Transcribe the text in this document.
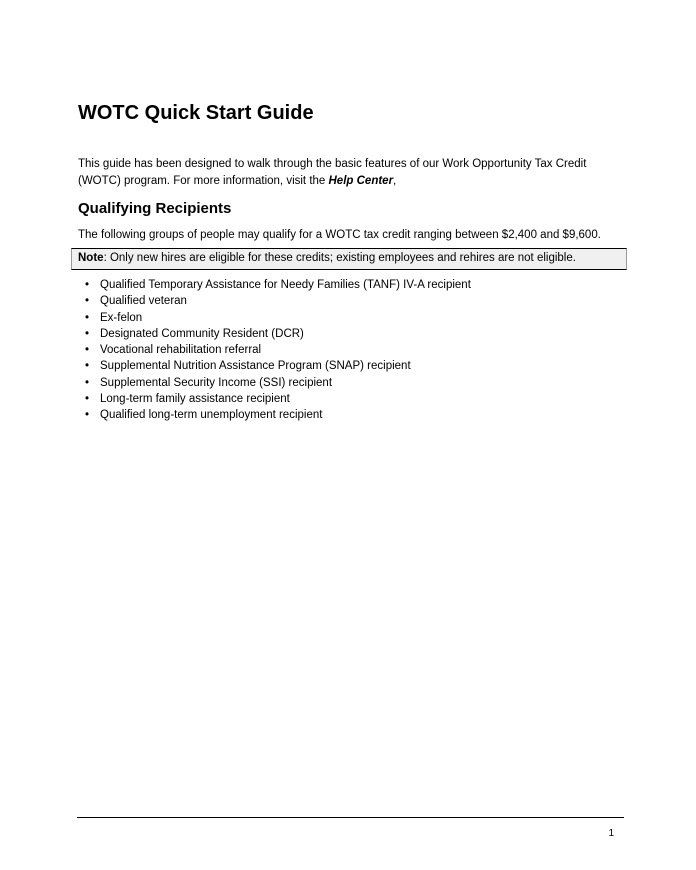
WOTC Quick Start Guide

This guide has been designed to walk through the basic features of our Work Opportunity Tax Credit (WOTC) program. For more information, visit the Help Center,

Qualifying Recipients

The following groups of people may qualify for a WOTC tax credit ranging between $2,400 and $9,600.

Note: Only new hires are eligible for these credits; existing employees and rehires are not eligible.
• Qualified Temporary Assistance for Needy Families (TANF) IV-A recipient
• Qualified veteran
• Ex-felon
• Designated Community Resident (DCR)
• Vocational rehabilitation referral
• Supplemental Nutrition Assistance Program (SNAP) recipient
• Supplemental Security Income (SSI) recipient
• Long-term family assistance recipient
• Qualified long-term unemployment recipient
1
